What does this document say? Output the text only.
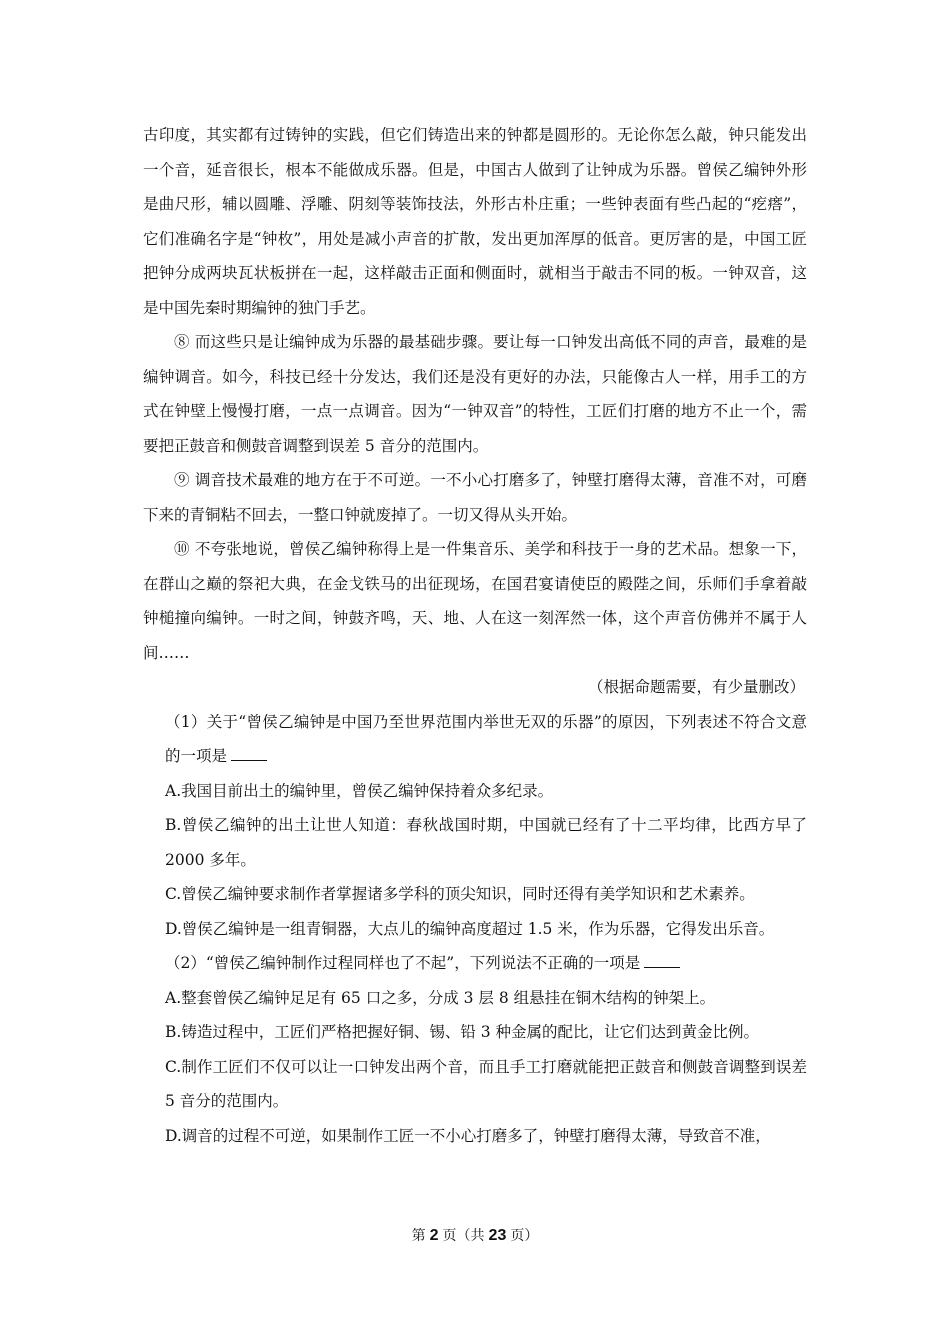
古印度，其实都有过铸钟的实践，但它们铸造出来的钟都是圆形的。无论你怎么敲，钟只能发出一个音，延音很长，根本不能做成乐器。但是，中国古人做到了让钟成为乐器。曾侯乙编钟外形是曲尺形，辅以圆雕、浮雕、阴刻等装饰技法，外形古朴庄重；一些钟表面有些凸起的“疙瘩”，它们准确名字是“钟枚”，用处是减小声音的扩散，发出更加浑厚的低音。更厉害的是，中国工匠把钟分成两块瓦状板拼在一起，这样敲击正面和侧面时，就相当于敲击不同的板。一钟双音，这是中国先秦时期编钟的独门手艺。

⑧ 而这些只是让编钟成为乐器的最基础步骤。要让每一口钟发出高低不同的声音，最难的是编钟调音。如今，科技已经十分发达，我们还是没有更好的办法，只能像古人一样，用手工的方式在钟壁上慢慢打磨，一点一点调音。因为“一钟双音”的特性，工匠们打磨的地方不止一个，需要把正鼓音和侧鼓音调整到误差 5 音分的范围内。

⑨ 调音技术最难的地方在于不可逆。一不小心打磨多了，钟壁打磨得太薄，音准不对，可磨下来的青铜粘不回去，一整口钟就废掉了。一切又得从头开始。

⑩ 不夸张地说，曾侯乙编钟称得上是一件集音乐、美学和科技于一身的艺术品。想象一下，在群山之巅的祭祀大典，在金戈铁马的出征现场，在国君宴请使臣的殿陛之间，乐师们手拿着敲钟槌撞向编钟。一时之间，钟鼓齐鸣，天、地、人在这一刻浑然一体，这个声音仿佛并不属于人间……

（根据命题需要，有少量删改）

（1）关于“曾侯乙编钟是中国乃至世界范围内举世无双的乐器”的原因，下列表述不符合文意的一项是

A.我国目前出土的编钟里，曾侯乙编钟保持着众多纪录。

B.曾侯乙编钟的出土让世人知道：春秋战国时期，中国就已经有了十二平均律，比西方早了 2000 多年。

C.曾侯乙编钟要求制作者掌握诸多学科的顶尖知识，同时还得有美学知识和艺术素养。

D.曾侯乙编钟是一组青铜器，大点儿的编钟高度超过 1.5 米，作为乐器，它得发出乐音。

（2）“曾侯乙编钟制作过程同样也了不起”，下列说法不正确的一项是

A.整套曾侯乙编钟足足有 65 口之多，分成 3 层 8 组悬挂在铜木结构的钟架上。

B.铸造过程中，工匠们严格把握好铜、锡、铅 3 种金属的配比，让它们达到黄金比例。

C.制作工匠们不仅可以让一口钟发出两个音，而且手工打磨就能把正鼓音和侧鼓音调整到误差 5 音分的范围内。

D.调音的过程不可逆，如果制作工匠一不小心打磨多了，钟壁打磨得太薄，导致音不准，

第 2 页（共 23 页）
